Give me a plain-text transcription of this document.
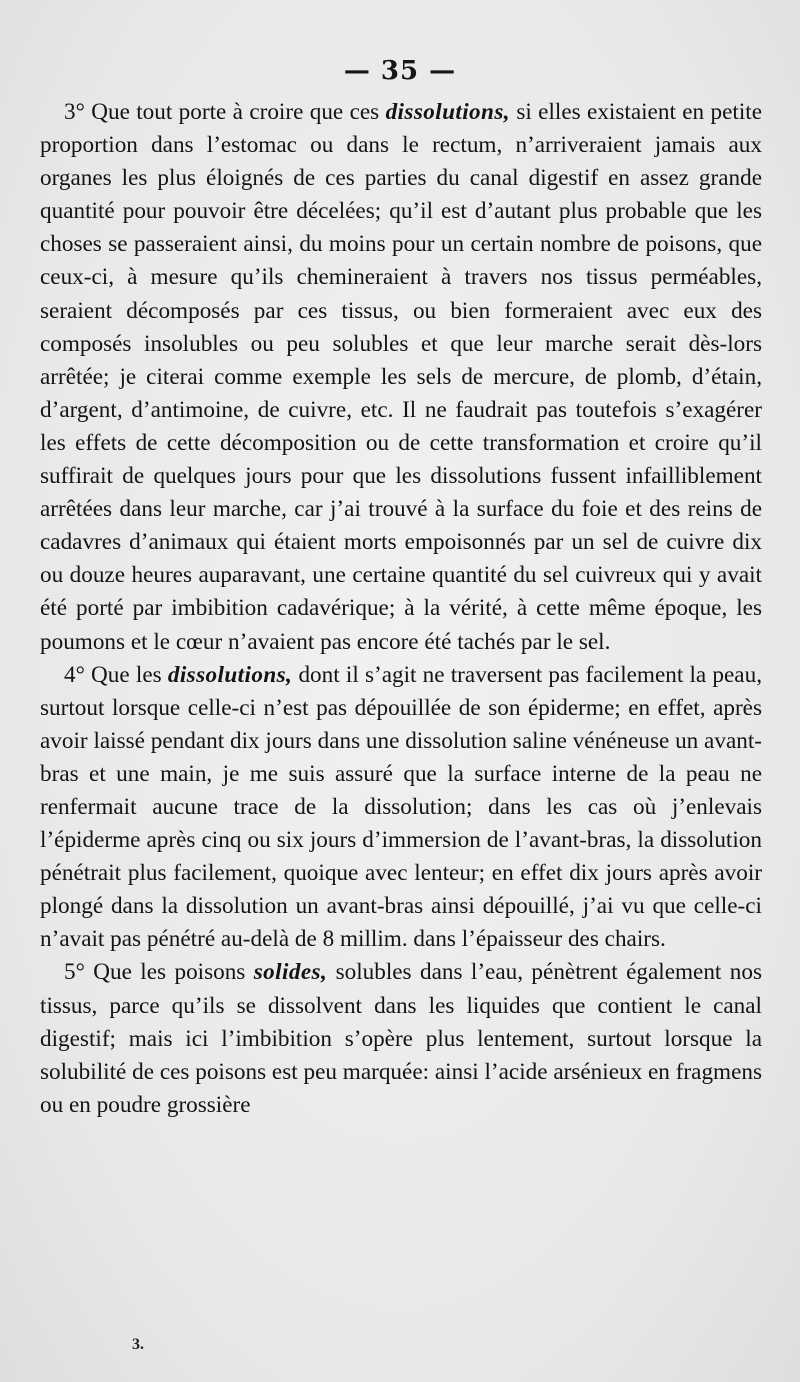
— 35 —

3° Que tout porte à croire que ces dissolutions, si elles existaient en petite proportion dans l’estomac ou dans le rectum, n’arriveraient jamais aux organes les plus éloignés de ces parties du canal digestif en assez grande quantité pour pouvoir être décelées; qu’il est d’autant plus probable que les choses se passeraient ainsi, du moins pour un certain nombre de poisons, que ceux-ci, à mesure qu’ils chemineraient à travers nos tissus perméables, seraient décomposés par ces tissus, ou bien formeraient avec eux des composés insolubles ou peu solubles et que leur marche serait dès-lors arrêtée; je citerai comme exemple les sels de mercure, de plomb, d’étain, d’argent, d’antimoine, de cuivre, etc. Il ne faudrait pas toutefois s’exagérer les effets de cette décomposition ou de cette transformation et croire qu’il suffirait de quelques jours pour que les dissolutions fussent infailliblement arrêtées dans leur marche, car j’ai trouvé à la surface du foie et des reins de cadavres d’animaux qui étaient morts empoisonnés par un sel de cuivre dix ou douze heures auparavant, une certaine quantité du sel cuivreux qui y avait été porté par imbibition cadavérique; à la vérité, à cette même époque, les poumons et le cœur n’avaient pas encore été tachés par le sel.

4° Que les dissolutions, dont il s’agit ne traversent pas facilement la peau, surtout lorsque celle-ci n’est pas dépouillée de son épiderme; en effet, après avoir laissé pendant dix jours dans une dissolution saline vénéneuse un avant-bras et une main, je me suis assuré que la surface interne de la peau ne renfermait aucune trace de la dissolution; dans les cas où j’enlevais l’épiderme après cinq ou six jours d’immersion de l’avant-bras, la dissolution pénétrait plus facilement, quoique avec lenteur; en effet dix jours après avoir plongé dans la dissolution un avant-bras ainsi dépouillé, j’ai vu que celle-ci n’avait pas pénétré au-delà de 8 millim. dans l’épaisseur des chairs.

5° Que les poisons solides, solubles dans l’eau, pénètrent également nos tissus, parce qu’ils se dissolvent dans les liquides que contient le canal digestif; mais ici l’imbibition s’opère plus lentement, surtout lorsque la solubilité de ces poisons est peu marquée: ainsi l’acide arsénieux en fragmens ou en poudre grossière

3.
